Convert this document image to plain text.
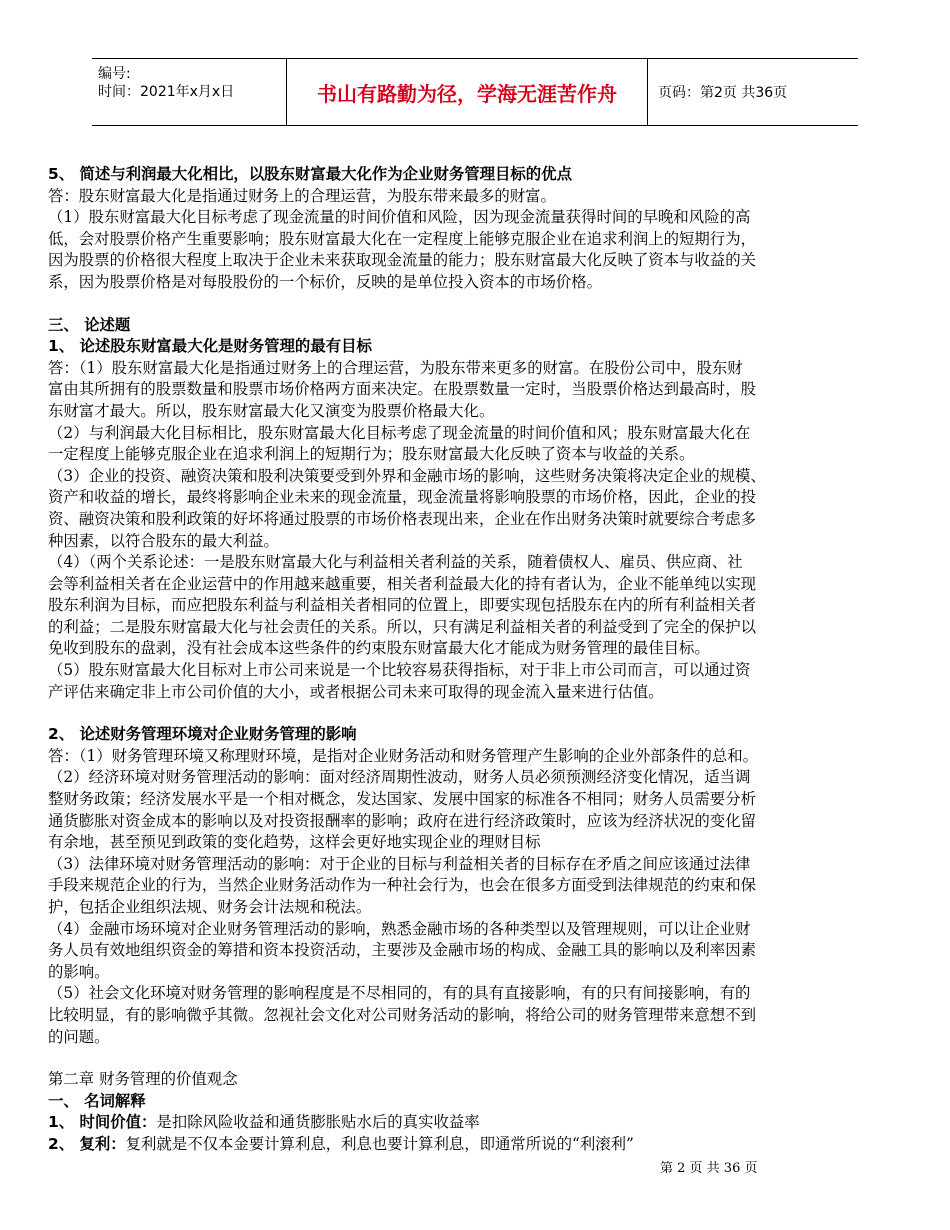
编号:
时间：2021年x月x日	书山有路勤为径，学海无涯苦作舟	页码：第2页 共36页
5、 简述与利润最大化相比，以股东财富最大化作为企业财务管理目标的优点
答：股东财富最大化是指通过财务上的合理运营，为股东带来最多的财富。
（1）股东财富最大化目标考虑了现金流量的时间价值和风险，因为现金流量获得时间的早晚和风险的高
低，会对股票价格产生重要影响；股东财富最大化在一定程度上能够克服企业在追求利润上的短期行为，
因为股票的价格很大程度上取决于企业未来获取现金流量的能力；股东财富最大化反映了资本与收益的关
系，因为股票价格是对每股股份的一个标价，反映的是单位投入资本的市场价格。
三、 论述题
1、 论述股东财富最大化是财务管理的最有目标
答：（1）股东财富最大化是指通过财务上的合理运营，为股东带来更多的财富。在股份公司中，股东财
富由其所拥有的股票数量和股票市场价格两方面来决定。在股票数量一定时，当股票价格达到最高时，股
东财富才最大。所以，股东财富最大化又演变为股票价格最大化。
（2）与利润最大化目标相比，股东财富最大化目标考虑了现金流量的时间价值和风；股东财富最大化在
一定程度上能够克服企业在追求利润上的短期行为；股东财富最大化反映了资本与收益的关系。
（3）企业的投资、融资决策和股利决策要受到外界和金融市场的影响，这些财务决策将决定企业的规模、
资产和收益的增长，最终将影响企业未来的现金流量，现金流量将影响股票的市场价格，因此，企业的投
资、融资决策和股利政策的好坏将通过股票的市场价格表现出来，企业在作出财务决策时就要综合考虑多
种因素，以符合股东的最大利益。
（4）（两个关系论述：一是股东财富最大化与利益相关者利益的关系，随着债权人、雇员、供应商、社
会等利益相关者在企业运营中的作用越来越重要，相关者利益最大化的持有者认为，企业不能单纯以实现
股东利润为目标，而应把股东利益与利益相关者相同的位置上，即要实现包括股东在内的所有利益相关者
的利益；二是股东财富最大化与社会责任的关系。所以，只有满足利益相关者的利益受到了完全的保护以
免收到股东的盘剥，没有社会成本这些条件的约束股东财富最大化才能成为财务管理的最佳目标。
（5）股东财富最大化目标对上市公司来说是一个比较容易获得指标，对于非上市公司而言，可以通过资
产评估来确定非上市公司价值的大小，或者根据公司未来可取得的现金流入量来进行估值。
2、 论述财务管理环境对企业财务管理的影响
答：（1）财务管理环境又称理财环境，是指对企业财务活动和财务管理产生影响的企业外部条件的总和。
（2）经济环境对财务管理活动的影响：面对经济周期性波动，财务人员必须预测经济变化情况，适当调
整财务政策；经济发展水平是一个相对概念，发达国家、发展中国家的标准各不相同；财务人员需要分析
通货膨胀对资金成本的影响以及对投资报酬率的影响；政府在进行经济政策时，应该为经济状况的变化留
有余地，甚至预见到政策的变化趋势，这样会更好地实现企业的理财目标
（3）法律环境对财务管理活动的影响：对于企业的目标与利益相关者的目标存在矛盾之间应该通过法律
手段来规范企业的行为，当然企业财务活动作为一种社会行为，也会在很多方面受到法律规范的约束和保
护，包括企业组织法规、财务会计法规和税法。
（4）金融市场环境对企业财务管理活动的影响，熟悉金融市场的各种类型以及管理规则，可以让企业财
务人员有效地组织资金的筹措和资本投资活动，主要涉及金融市场的构成、金融工具的影响以及利率因素
的影响。
（5）社会文化环境对财务管理的影响程度是不尽相同的，有的具有直接影响，有的只有间接影响，有的
比较明显，有的影响微乎其微。忽视社会文化对公司财务活动的影响，将给公司的财务管理带来意想不到
的问题。
第二章 财务管理的价值观念
一、 名词解释
1、 时间价值：是扣除风险收益和通货膨胀贴水后的真实收益率
2、 复利：复利就是不仅本金要计算利息，利息也要计算利息，即通常所说的“利滚利”
第 2 页 共 36 页
